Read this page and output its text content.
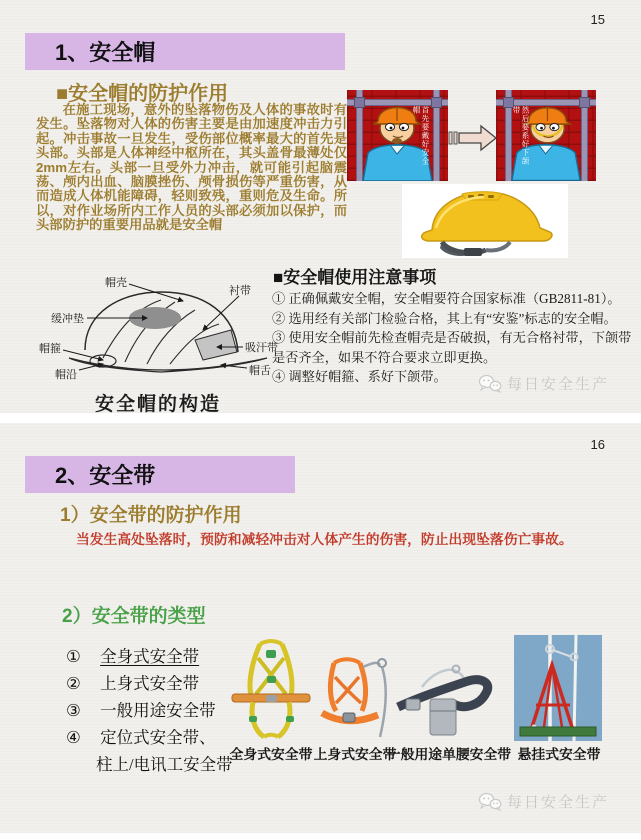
15
1、安全帽
■安全帽的防护作用
在施工现场，意外的坠落物伤及人体的事故时有发生。坠落物对人体的伤害主要是由加速度冲击力引起。冲击事故一旦发生，受伤部位概率最大的首先是头部。头部是人体神经中枢所在，其头盖骨最薄处仅2mm左右。头部一旦受外力冲击，就可能引起脑震荡、颅内出血、脑膜挫伤、颅骨损伤等严重伤害，从而造成人体机能障碍，轻则致残，重则危及生命。所以，对作业场所内工作人员的头部必须加以保护，而头部防护的重要用品就是安全帽
首先要戴好安全帽	然后要系好下颌带
■安全帽使用注意事项

① 正确佩戴安全帽，安全帽要符合国家标准（GB2811-81）。

② 选用经有关部门检验合格，其上有“安鉴”标志的安全帽。

③ 使用安全帽前先检查帽壳是否破损，有无合格衬带，下颌带是否齐全，如果不符合要求立即更换。

④ 调整好帽箍、系好下颌带。

帽壳
衬带
缓冲垫
帽箍
帽沿
吸汗带
帽舌
安全帽的构造
每日安全生产
16
2、安全带
1）安全带的防护作用
当发生高处坠落时，预防和减轻冲击对人体产生的伤害，防止出现坠落伤亡事故。
2）安全带的类型
① 全身式安全带
② 上身式安全带
③ 一般用途安全带
④ 定位式安全带、
柱上/电讯工安全带
全身式安全带 上身式安全带
一般用途单腰安全带 悬挂式安全带
每日安全生产
